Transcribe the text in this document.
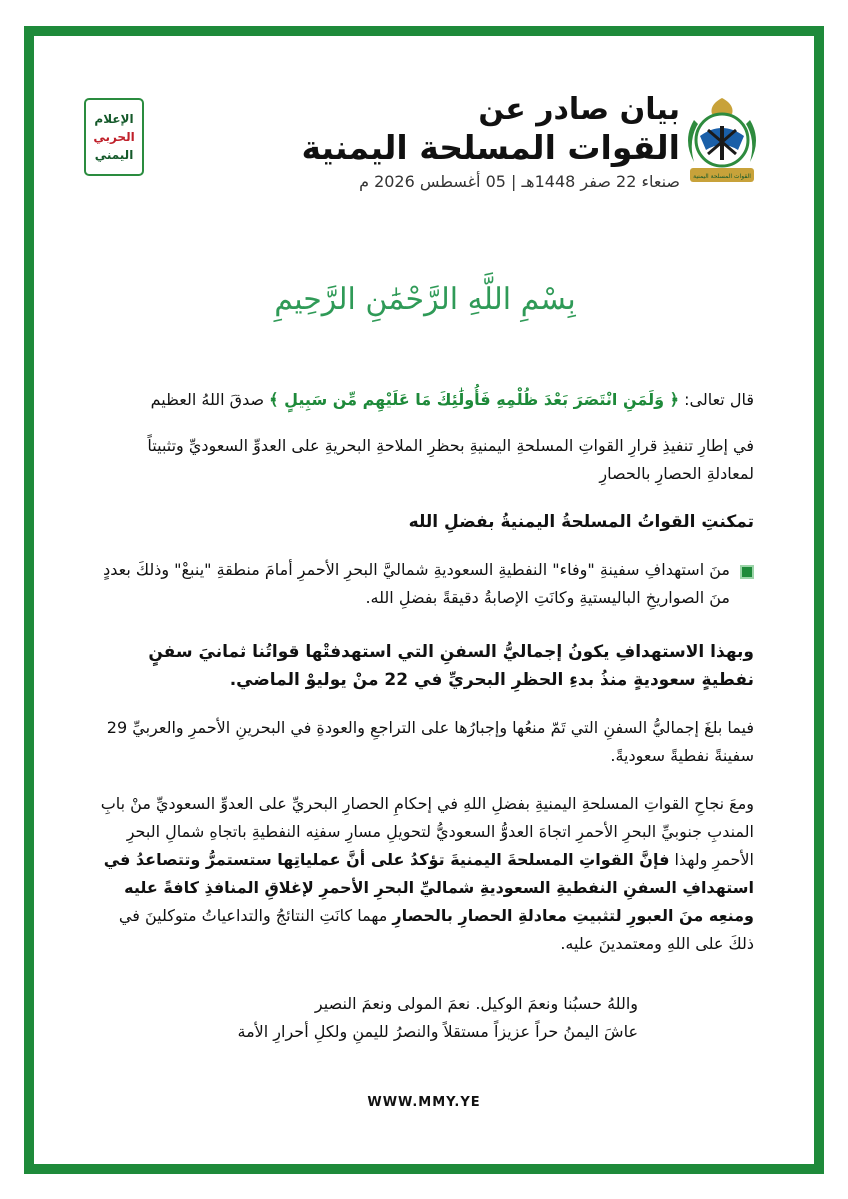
القوات المسلحة اليمنية
بيان صادر عن
القوات المسلحة اليمنية
صنعاء 22 صفر 1448هـ | 05 أغسطس 2026 م
الإعلام
الحربي
اليمني
بِسْمِ اللَّهِ الرَّحْمَٰنِ الرَّحِيمِ

قال تعالى: ﴿ وَلَمَنِ انْتَصَرَ بَعْدَ ظُلْمِهِ فَأُولَٰئِكَ مَا عَلَيْهِم مِّن سَبِيلٍ ﴾ صدقَ اللهُ العظيم

في إطارِ تنفيذِ قرارِ القواتِ المسلحةِ اليمنيةِ بحظرِ الملاحةِ البحريةِ على العدوِّ السعوديِّ وتثبيتاً لمعادلةِ الحصارِ بالحصارِ

تمكنتِ القواتُ المسلحةُ اليمنيةُ بفضلِ الله

منَ استهدافِ سفينةِ "وفاء" النفطيةِ السعوديةِ شماليَّ البحرِ الأحمرِ أمامَ منطقةِ "ينبعْ" وذلكَ بعددٍ منَ الصواريخِ الباليستيةِ وكانَتِ الإصابةُ دقيقةً بفضلِ الله.

وبهذا الاستهدافِ يكونُ إجماليُّ السفنِ التي استهدفتْها قواتُنا ثمانيَ سفنٍ نفطيةٍ سعوديةٍ منذُ بدءِ الحظرِ البحريِّ في 22 منْ يوليوْ الماضي.

فيما بلغَ إجماليُّ السفنِ التي تَمّ منعُها وإجبارُها على التراجعِ والعودةِ في البحرينِ الأحمرِ والعربيِّ 29 سفينةً نفطيةً سعوديةً.

ومعَ نجاحِ القواتِ المسلحةِ اليمنيةِ بفضلِ اللهِ في إحكامِ الحصارِ البحريِّ على العدوِّ السعوديِّ منْ بابِ المندبِ جنوبيِّ البحرِ الأحمرِ اتجاهَ العدوُّ السعوديُّ لتحويلِ مسارِ سفنِه النفطيةِ باتجاهِ شمالِ البحرِ الأحمرِ ولهذا فإنَّ القواتِ المسلحةَ اليمنيةَ تؤكدُ على أنَّ عملياتِها ستستمرُّ وتتصاعدُ في استهدافِ السفنِ النفطيةِ السعوديةِ شماليِّ البحرِ الأحمرِ لإغلاقِ المنافذِ كافةً عليه ومنعِه منَ العبورِ لتثبيتِ معادلةِ الحصارِ بالحصارِ مهما كانَتِ النتائجُ والتداعياتُ متوكلينَ في ذلكَ على اللهِ ومعتمدينَ عليه.

واللهُ حسبُنا ونعمَ الوكيل. نعمَ المولى ونعمَ النصير
عاشَ اليمنُ حراً عزيزاً مستقلاً والنصرُ لليمنِ ولكلِ أحرارِ الأمة
WWW.MMY.YE
